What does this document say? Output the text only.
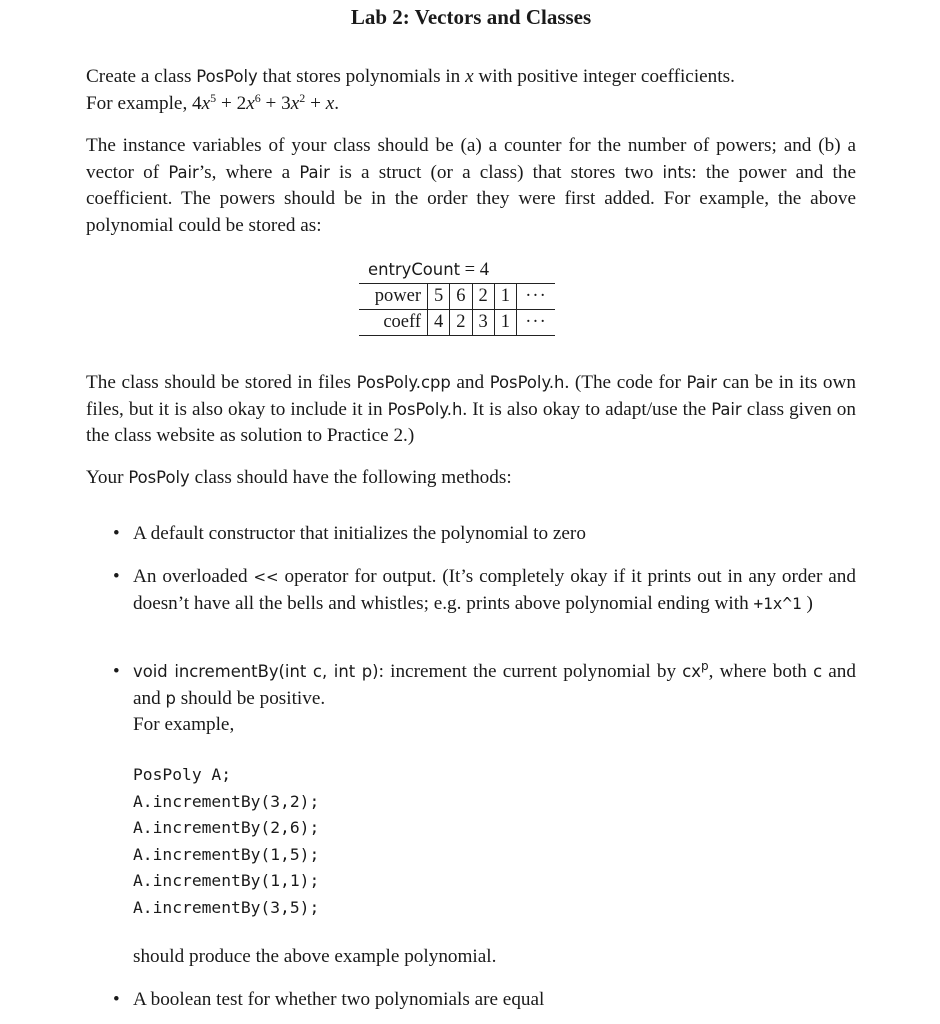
Lab 2: Vectors and Classes
Create a class PosPoly that stores polynomials in x with positive integer coefficients.
For example, $4x^5 + 2x^6 + 3x^2 + x$.
The instance variables of your class should be (a) a counter for the number of powers; and (b) a vector of Pair’s, where a Pair is a struct (or a class) that stores two ints: the power and the coefficient. The powers should be in the order they were first added. For example, the above polynomial could be stored as:
entryCount = 4
power	5	6	2	1	···
coeff	4	2	3	1	···
The class should be stored in files PosPoly.cpp and PosPoly.h. (The code for Pair can be in its own files, but it is also okay to include it in PosPoly.h. It is also okay to adapt/use the Pair class given on the class website as solution to Practice 2.)
Your PosPoly class should have the following methods:
• A default constructor that initializes the polynomial to zero
• An overloaded << operator for output. (It’s completely okay if it prints out in any order and doesn’t have all the bells and whistles; e.g. prints above polynomial ending with +1x^1 )
• void incrementBy(int c, int p): increment the current polynomial by $cx^p$, where both c and and p should be positive.
For example,
PosPoly A;
A.incrementBy(3,2);
A.incrementBy(2,6);
A.incrementBy(1,5);
A.incrementBy(1,1);
A.incrementBy(3,5);
should produce the above example polynomial.
• A boolean test for whether two polynomials are equal
